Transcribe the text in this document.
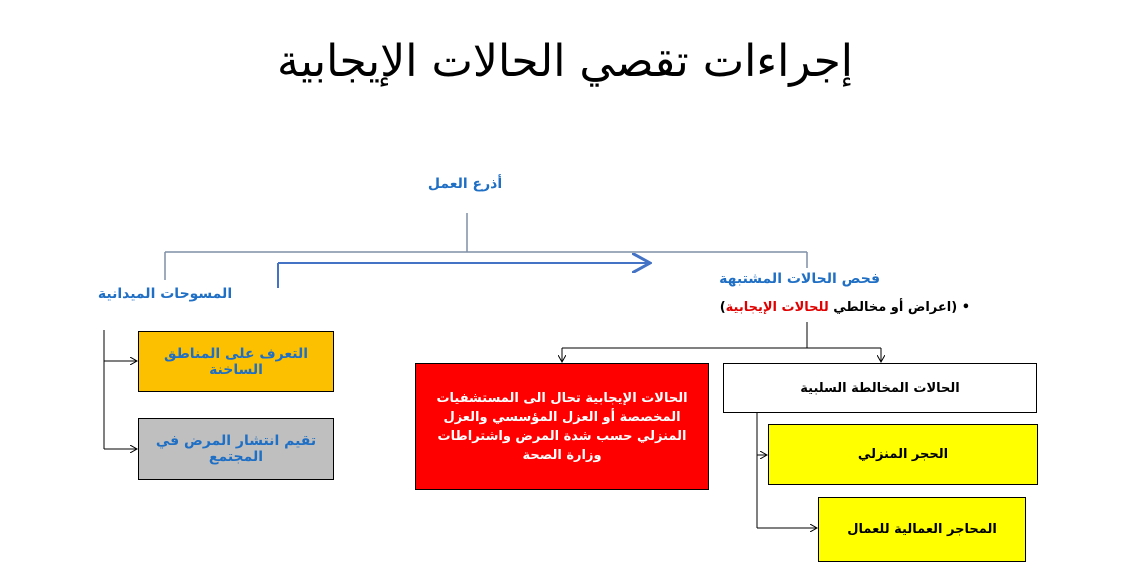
إجراءات تقصي الحالات الإيجابية
أذرع العمل
فحص الحالات المشتبهة
المسوحات الميدانية
• (اعراض أو مخالطي للحالات الإيجابية)
التعرف على المناطق الساخنة
تقيم انتشار المرض في المجتمع
الحالات الإيجابية تحال الى المستشفيات المخصصة أو العزل المؤسسي والعزل المنزلي حسب شدة المرض واشتراطات وزارة الصحة
الحالات المخالطة السلبية
الحجر المنزلي
المحاجر العمالية للعمال
